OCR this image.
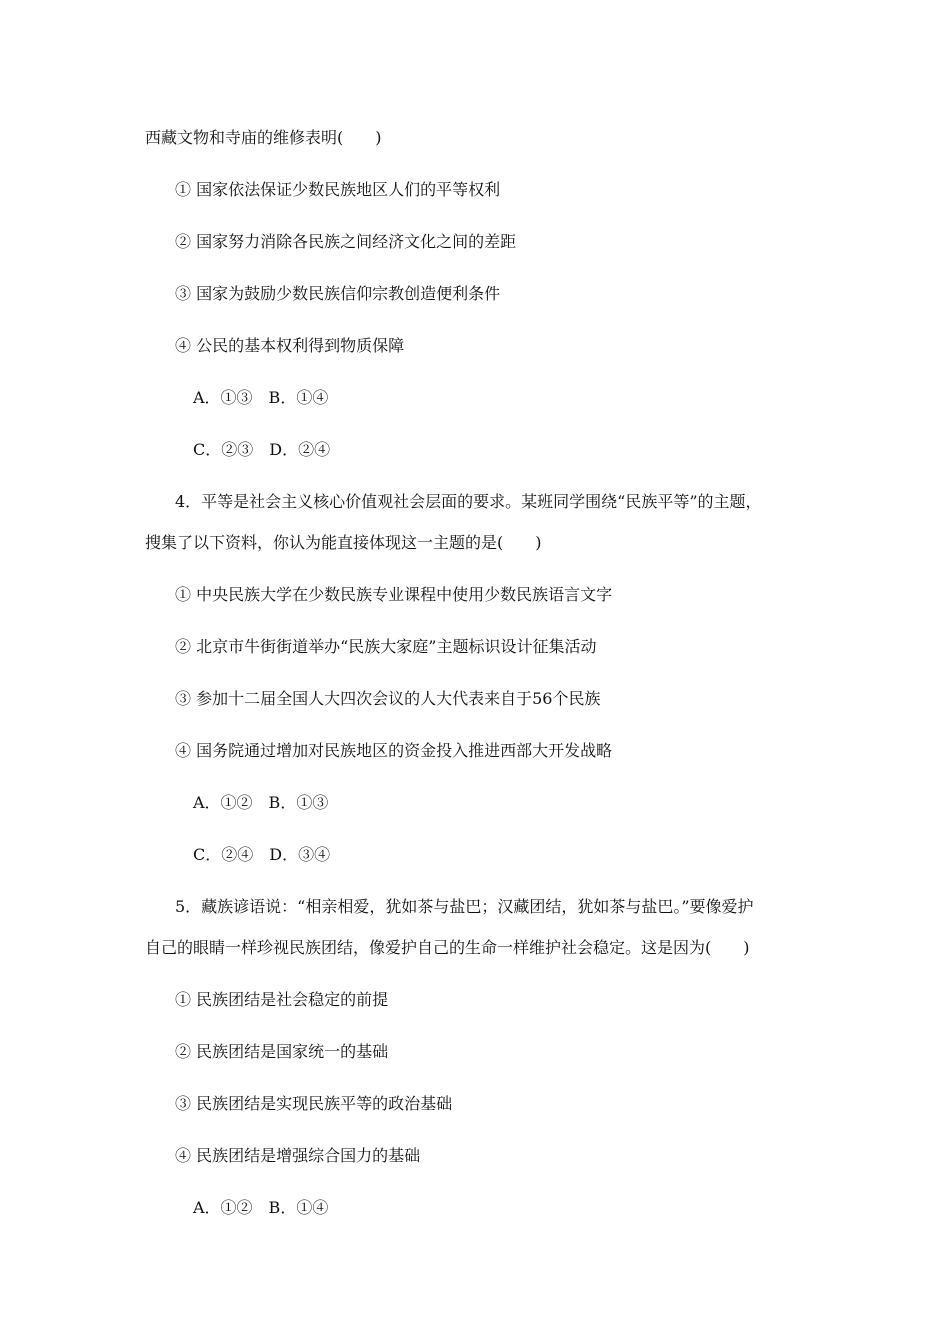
西藏文物和寺庙的维修表明(　　)
① 国家依法保证少数民族地区人们的平等权利
② 国家努力消除各民族之间经济文化之间的差距
③ 国家为鼓励少数民族信仰宗教创造便利条件
④ 公民的基本权利得到物质保障
A．①③　B．①④
C．②③　D．②④
4．平等是社会主义核心价值观社会层面的要求。某班同学围绕“民族平等”的主题，
搜集了以下资料，你认为能直接体现这一主题的是(　　)
① 中央民族大学在少数民族专业课程中使用少数民族语言文字
② 北京市牛街街道举办“民族大家庭”主题标识设计征集活动
③ 参加十二届全国人大四次会议的人大代表来自于56个民族
④ 国务院通过增加对民族地区的资金投入推进西部大开发战略
A．①②　B．①③
C．②④　D．③④
5．藏族谚语说：“相亲相爱，犹如茶与盐巴；汉藏团结，犹如茶与盐巴。”要像爱护
自己的眼睛一样珍视民族团结，像爱护自己的生命一样维护社会稳定。这是因为(　　)
① 民族团结是社会稳定的前提
② 民族团结是国家统一的基础
③ 民族团结是实现民族平等的政治基础
④ 民族团结是增强综合国力的基础
A．①②　B．①④
